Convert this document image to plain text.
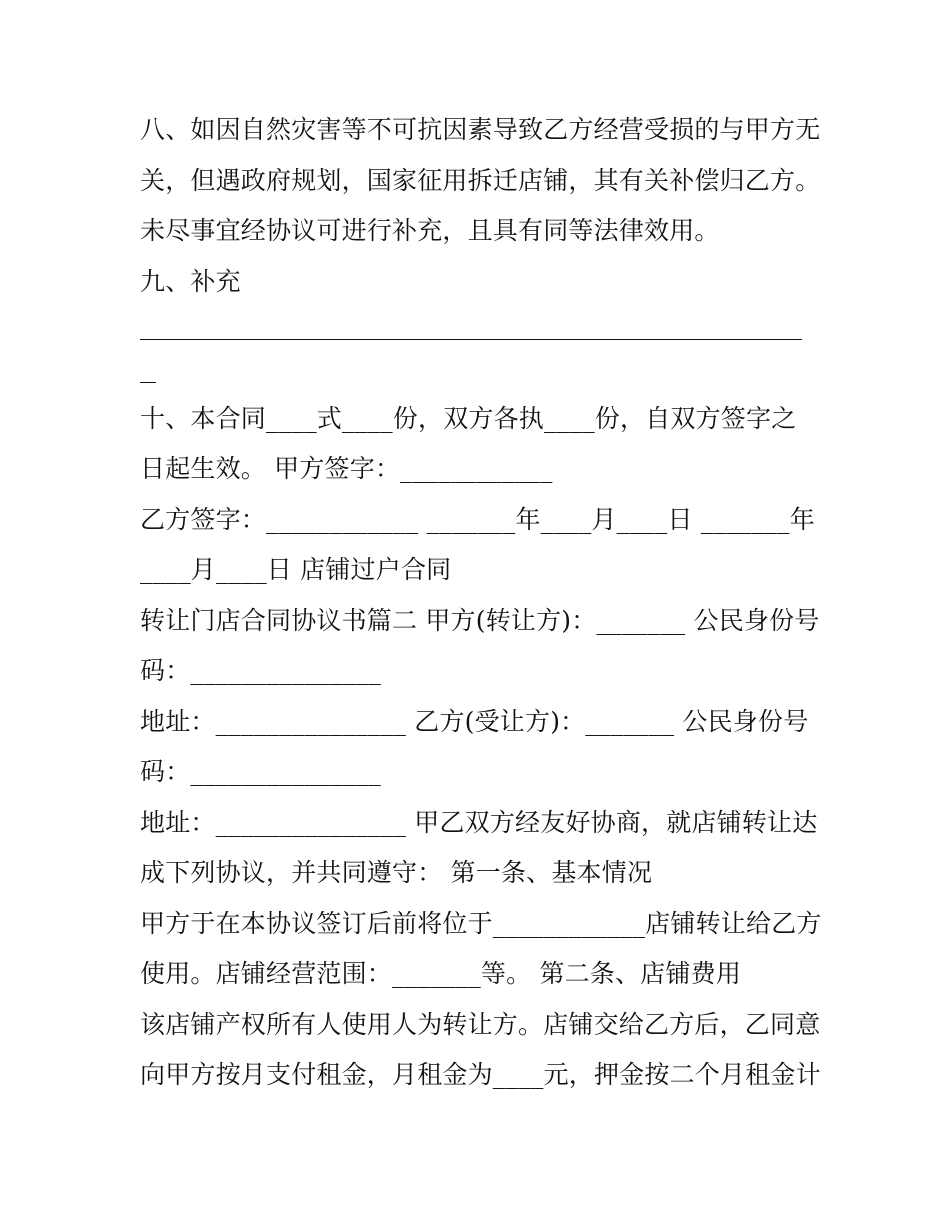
八、如因自然灾害等不可抗因素导致乙方经营受损的与甲方无
关，但遇政府规划，国家征用拆迁店铺，其有关补偿归乙方。
未尽事宜经协议可进行补充，且具有同等法律效用。
九、补充
十、本合同____式____份，双方各执____份，自双方签字之
日起生效。 甲方签字：____________
乙方签字：____________ _______年____月____日 _______年
____月____日 店铺过户合同
转让门店合同协议书篇二 甲方(转让方)：_______ 公民身份号
码：_______________
地址：_______________ 乙方(受让方)：_______ 公民身份号
码：_______________
地址：_______________ 甲乙双方经友好协商，就店铺转让达
成下列协议，并共同遵守： 第一条、基本情况
甲方于在本协议签订后前将位于____________店铺转让给乙方
使用。店铺经营范围：_______等。 第二条、店铺费用
该店铺产权所有人使用人为转让方。店铺交给乙方后，乙同意
向甲方按月支付租金，月租金为____元，押金按二个月租金计
